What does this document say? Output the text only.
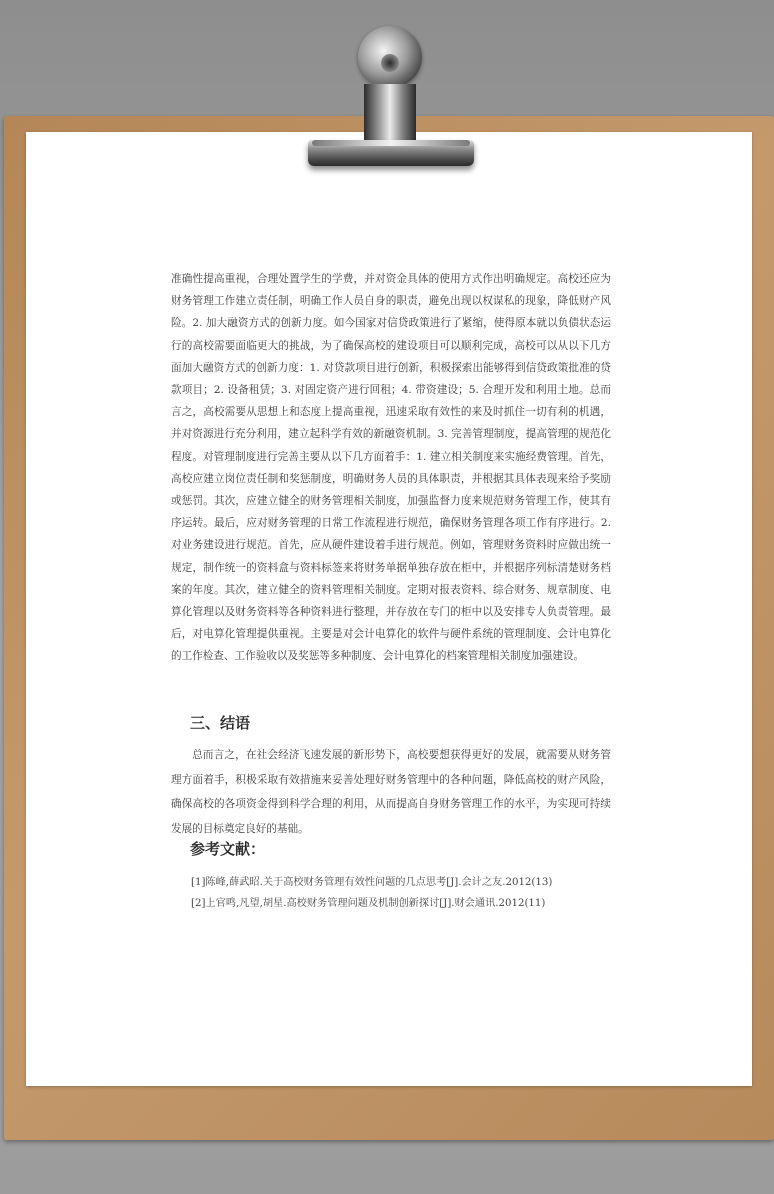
准确性提高重视，合理处置学生的学费，并对资金具体的使用方式作出明确规定。高校还应为财务管理工作建立责任制，明确工作人员自身的职责，避免出现以权谋私的现象，降低财产风险。2. 加大融资方式的创新力度。如今国家对信贷政策进行了紧缩，使得原本就以负债状态运行的高校需要面临更大的挑战，为了确保高校的建设项目可以顺利完成，高校可以从以下几方面加大融资方式的创新力度：1. 对贷款项目进行创新，积极探索出能够得到信贷政策批准的贷款项目；2. 设备租赁；3. 对固定资产进行回租；4. 带资建设；5. 合理开发和利用土地。总而言之，高校需要从思想上和态度上提高重视，迅速采取有效性的来及时抓住一切有利的机遇，并对资源进行充分利用，建立起科学有效的新融资机制。3. 完善管理制度，提高管理的规范化程度。对管理制度进行完善主要从以下几方面着手：1. 建立相关制度来实施经费管理。首先，高校应建立岗位责任制和奖惩制度，明确财务人员的具体职责，并根据其具体表现来给予奖励或惩罚。其次，应建立健全的财务管理相关制度，加强监督力度来规范财务管理工作，使其有序运转。最后，应对财务管理的日常工作流程进行规范，确保财务管理各项工作有序进行。2. 对业务建设进行规范。首先，应从硬件建设着手进行规范。例如，管理财务资料时应做出统一规定，制作统一的资料盒与资料标签来将财务单据单独存放在柜中，并根据序列标清楚财务档案的年度。其次，建立健全的资料管理相关制度。定期对报表资料、综合财务、规章制度、电算化管理以及财务资料等各种资料进行整理，并存放在专门的柜中以及安排专人负责管理。最后，对电算化管理提供重视。主要是对会计电算化的软件与硬件系统的管理制度、会计电算化的工作检查、工作验收以及奖惩等多种制度、会计电算化的档案管理相关制度加强建设。

三、结语

总而言之，在社会经济飞速发展的新形势下，高校要想获得更好的发展，就需要从财务管理方面着手，积极采取有效措施来妥善处理好财务管理中的各种问题，降低高校的财产风险，确保高校的各项资金得到科学合理的利用，从而提高自身财务管理工作的水平，为实现可持续发展的目标奠定良好的基础。

参考文献：
[1]陈峰,薛武昭.关于高校财务管理有效性问题的几点思考[J].会计之友.2012(13)
[2]上官鸣,凡望,胡星.高校财务管理问题及机制创新探讨[J].财会通讯.2012(11)
